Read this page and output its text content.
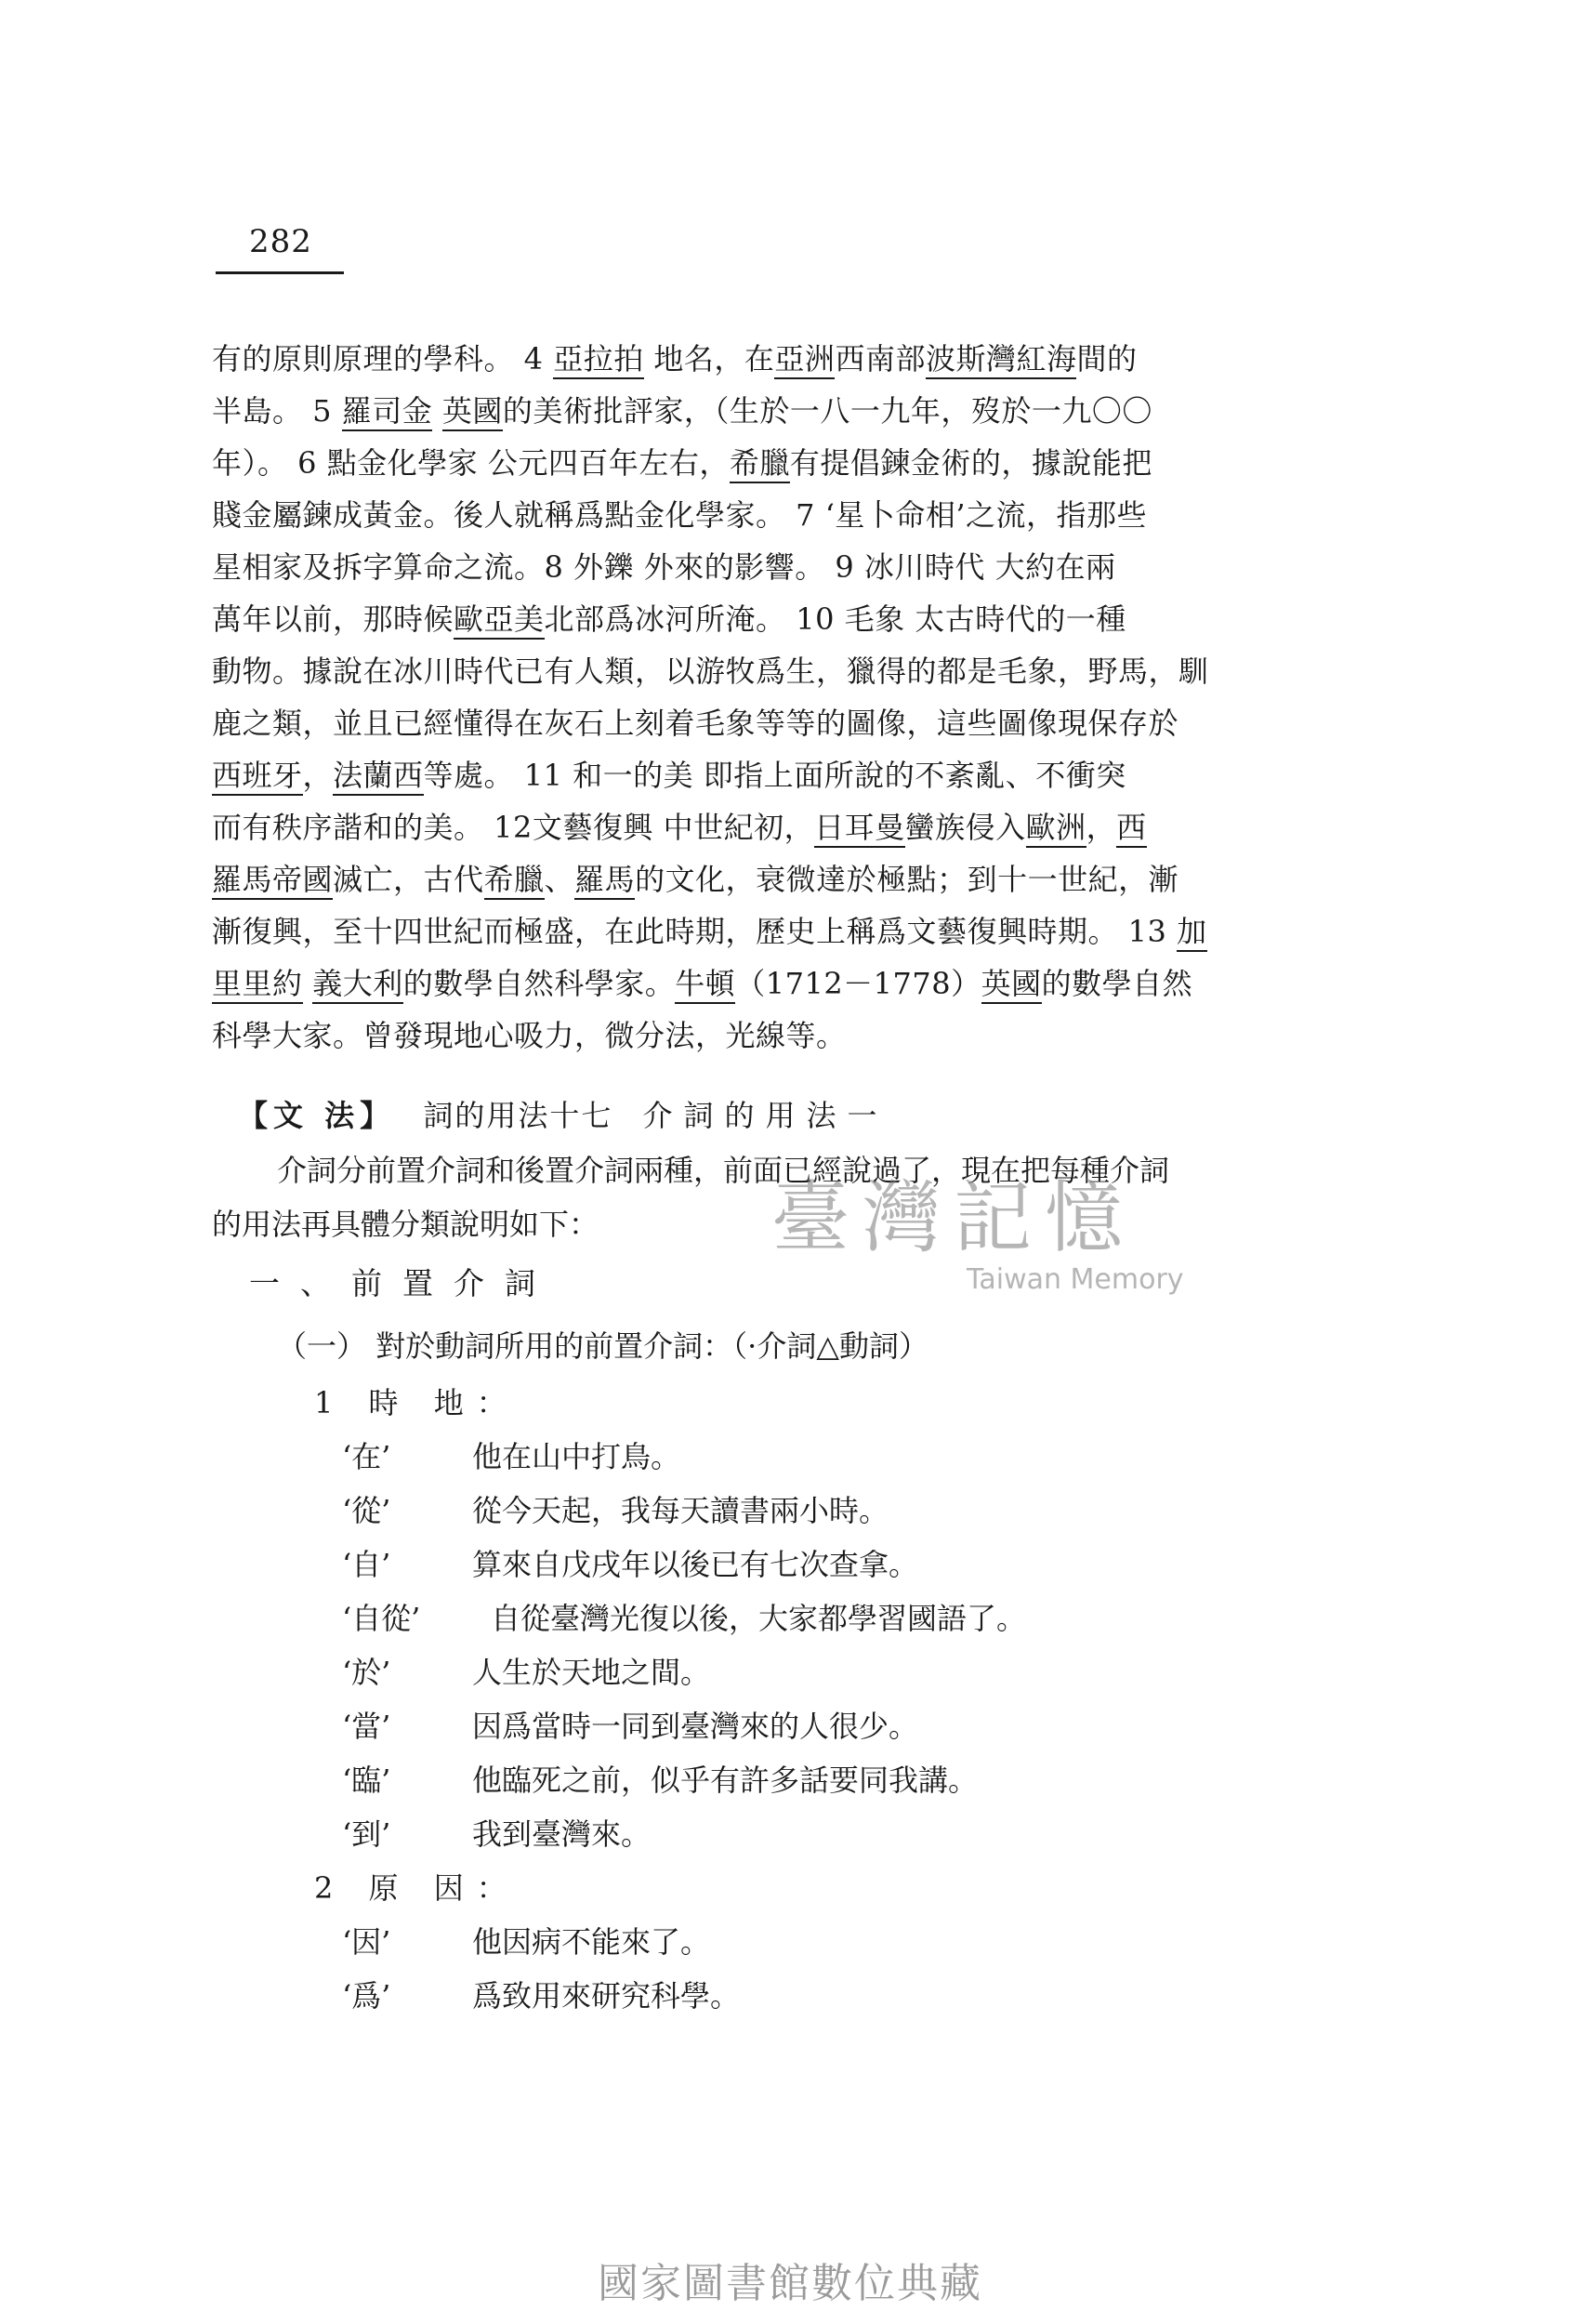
282
有的原則原理的學科。 4 亞拉拍 地名，在亞洲西南部波斯灣紅海間的
半島。 5 羅司金 英國的美術批評家，（生於一八一九年，歿於一九〇〇
年）。 6 點金化學家 公元四百年左右，希臘有提倡鍊金術的，據說能把
賤金屬鍊成黃金。後人就稱爲點金化學家。 7 ‘星卜命相’之流，指那些
星相家及拆字算命之流。8 外鑠 外來的影響。 9 冰川時代 大約在兩
萬年以前，那時候歐亞美北部爲冰河所淹。 10 毛象 太古時代的一種
動物。據說在冰川時代已有人類，以游牧爲生，獵得的都是毛象，野馬，馴
鹿之類，並且已經懂得在灰石上刻着毛象等等的圖像，這些圖像現保存於
西班牙，法蘭西等處。 11 和一的美 即指上面所說的不紊亂、不衝突
而有秩序諧和的美。 12文藝復興 中世紀初，日耳曼蠻族侵入歐洲，西
羅馬帝國滅亡，古代希臘、羅馬的文化，衰微達於極點；到十一世紀，漸
漸復興，至十四世紀而極盛，在此時期，歷史上稱爲文藝復興時期。 13 加
里里約 義大利的數學自然科學家。牛頓（1712－1778）英國的數學自然
科學大家。曾發現地心吸力，微分法，光線等。
【文 法】 詞的用法十七 介詞的用法一
介詞分前置介詞和後置介詞兩種，前面已經說過了，現在把每種介詞
的用法再具體分類說明如下：
一、前置介詞
（一） 對於動詞所用的前置介詞：（·介詞△動詞）
1 時 地：
‘在’	他在山中打鳥。
‘從’	從今天起，我每天讀書兩小時。
‘自’	算來自戊戌年以後已有七次查拿。
‘自從’ 自從臺灣光復以後，大家都學習國語了。
‘於’	人生於天地之間。
‘當’	因爲當時一同到臺灣來的人很少。
‘臨’	他臨死之前，似乎有許多話要同我講。
‘到’	我到臺灣來。
2 原 因：
‘因’	他因病不能來了。
‘爲’	爲致用來研究科學。
臺灣記憶
Taiwan Memory
國家圖書館數位典藏
